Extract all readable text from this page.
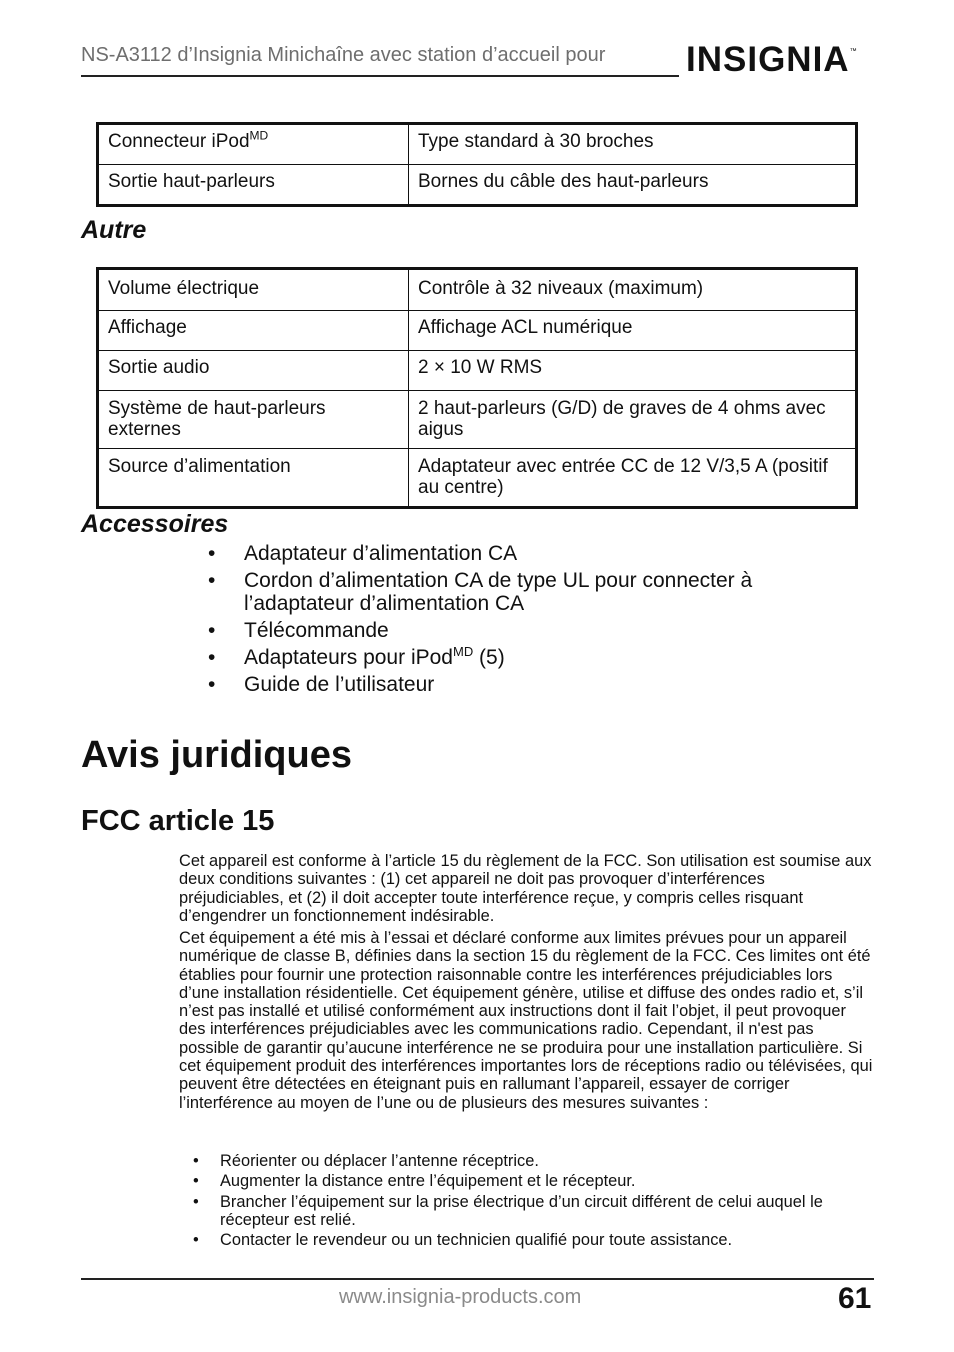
NS-A3112 d’Insignia Minichaîne avec station d’accueil pour INSIGNIA™
Connecteur iPod$^{MD}$	Type standard à 30 broches
Sortie haut-parleurs	Bornes du câble des haut-parleurs
Autre
Volume électrique	Contrôle à 32 niveaux (maximum)
Affichage	Affichage ACL numérique
Sortie audio	2 × 10 W RMS
Système de haut-parleurs externes	2 haut-parleurs (G/D) de graves de 4 ohms avec aigus
Source d’alimentation	Adaptateur avec entrée CC de 12 V/3,5 A (positif au centre)
Accessoires
• Adaptateur d’alimentation CA
• Cordon d’alimentation CA de type UL pour connecter à l’adaptateur d’alimentation CA
• Télécommande
• Adaptateurs pour iPod$^{MD}$ (5)
• Guide de l’utilisateur
Avis juridiques
FCC article 15

Cet appareil est conforme à l’article 15 du règlement de la FCC. Son utilisation est soumise aux deux conditions suivantes : (1) cet appareil ne doit pas provoquer d’interférences préjudiciables, et (2) il doit accepter toute interférence reçue, y compris celles risquant d’engendrer un fonctionnement indésirable.

Cet équipement a été mis à l’essai et déclaré conforme aux limites prévues pour un appareil numérique de classe B, définies dans la section 15 du règlement de la FCC. Ces limites ont été établies pour fournir une protection raisonnable contre les interférences préjudiciables lors d’une installation résidentielle. Cet équipement génère, utilise et diffuse des ondes radio et, s’il n’est pas installé et utilisé conformément aux instructions dont il fait l’objet, il peut provoquer des interférences préjudiciables avec les communications radio. Cependant, il n'est pas possible de garantir qu’aucune interférence ne se produira pour une installation particulière. Si cet équipement produit des interférences importantes lors de réceptions radio ou télévisées, qui peuvent être détectées en éteignant puis en rallumant l’appareil, essayer de corriger l’interférence au moyen de l’une ou de plusieurs des mesures suivantes :

• Réorienter ou déplacer l’antenne réceptrice.
• Augmenter la distance entre l’équipement et le récepteur.
• Brancher l’équipement sur la prise électrique d’un circuit différent de celui auquel le récepteur est relié.
• Contacter le revendeur ou un technicien qualifié pour toute assistance.
www.insignia-products.com	61
